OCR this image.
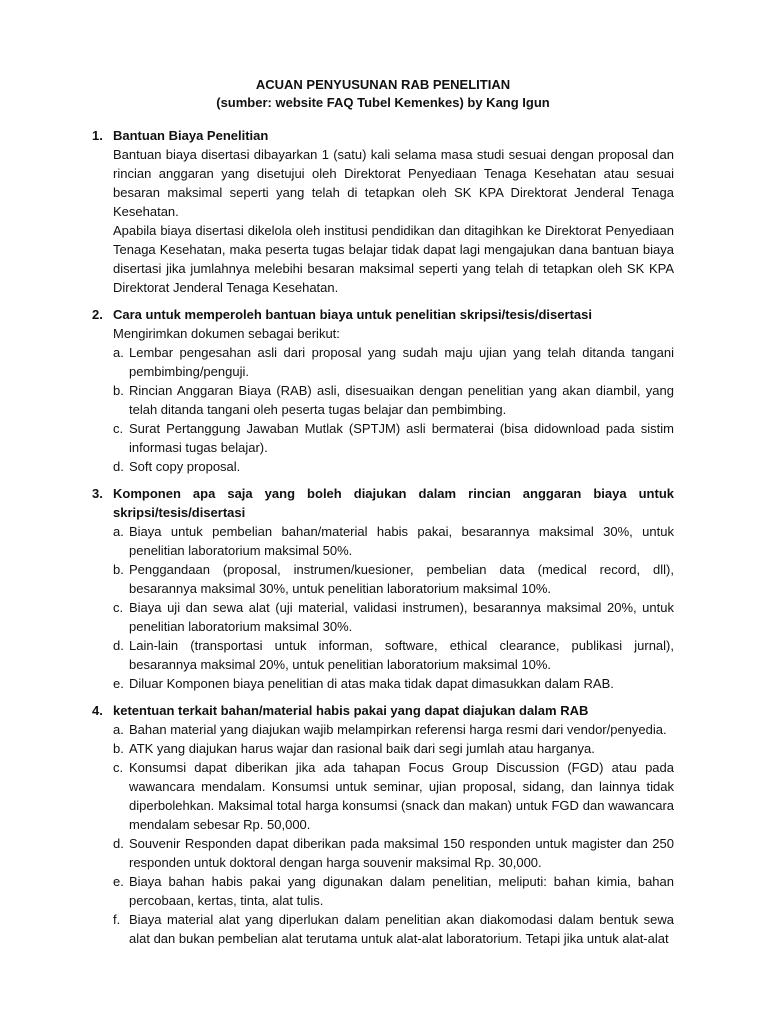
ACUAN PENYUSUNAN RAB PENELITIAN
(sumber: website FAQ Tubel Kemenkes) by Kang Igun
1. Bantuan Biaya Penelitian

Bantuan biaya disertasi dibayarkan 1 (satu) kali selama masa studi sesuai dengan proposal dan rincian anggaran yang disetujui oleh Direktorat Penyediaan Tenaga Kesehatan atau sesuai besaran maksimal seperti yang telah di tetapkan oleh SK KPA Direktorat Jenderal Tenaga Kesehatan.

Apabila biaya disertasi dikelola oleh institusi pendidikan dan ditagihkan ke Direktorat Penyediaan Tenaga Kesehatan, maka peserta tugas belajar tidak dapat lagi mengajukan dana bantuan biaya disertasi jika jumlahnya melebihi besaran maksimal seperti yang telah di tetapkan oleh SK KPA Direktorat Jenderal Tenaga Kesehatan.

2. Cara untuk memperoleh bantuan biaya untuk penelitian skripsi/tesis/disertasi

Mengirimkan dokumen sebagai berikut:

a. Lembar pengesahan asli dari proposal yang sudah maju ujian yang telah ditanda tangani pembimbing/penguji.
b. Rincian Anggaran Biaya (RAB) asli, disesuaikan dengan penelitian yang akan diambil, yang telah ditanda tangani oleh peserta tugas belajar dan pembimbing.
c. Surat Pertanggung Jawaban Mutlak (SPTJM) asli bermaterai (bisa didownload pada sistim informasi tugas belajar).
d. Soft copy proposal.
3. Komponen apa saja yang boleh diajukan dalam rincian anggaran biaya untuk skripsi/tesis/disertasi
a. Biaya untuk pembelian bahan/material habis pakai, besarannya maksimal 30%, untuk penelitian laboratorium maksimal 50%.
b. Penggandaan (proposal, instrumen/kuesioner, pembelian data (medical record, dll), besarannya maksimal 30%, untuk penelitian laboratorium maksimal 10%.
c. Biaya uji dan sewa alat (uji material, validasi instrumen), besarannya maksimal 20%, untuk penelitian laboratorium maksimal 30%.
d. Lain-lain (transportasi untuk informan, software, ethical clearance, publikasi jurnal), besarannya maksimal 20%, untuk penelitian laboratorium maksimal 10%.
e. Diluar Komponen biaya penelitian di atas maka tidak dapat dimasukkan dalam RAB.
4. ketentuan terkait bahan/material habis pakai yang dapat diajukan dalam RAB
a. Bahan material yang diajukan wajib melampirkan referensi harga resmi dari vendor/penyedia.
b. ATK yang diajukan harus wajar dan rasional baik dari segi jumlah atau harganya.
c. Konsumsi dapat diberikan jika ada tahapan Focus Group Discussion (FGD) atau pada wawancara mendalam. Konsumsi untuk seminar, ujian proposal, sidang, dan lainnya tidak diperbolehkan. Maksimal total harga konsumsi (snack dan makan) untuk FGD dan wawancara mendalam sebesar Rp. 50,000.
d. Souvenir Responden dapat diberikan pada maksimal 150 responden untuk magister dan 250 responden untuk doktoral dengan harga souvenir maksimal Rp. 30,000.
e. Biaya bahan habis pakai yang digunakan dalam penelitian, meliputi: bahan kimia, bahan percobaan, kertas, tinta, alat tulis.
f. Biaya material alat yang diperlukan dalam penelitian akan diakomodasi dalam bentuk sewa alat dan bukan pembelian alat terutama untuk alat-alat laboratorium. Tetapi jika untuk alat-alat
